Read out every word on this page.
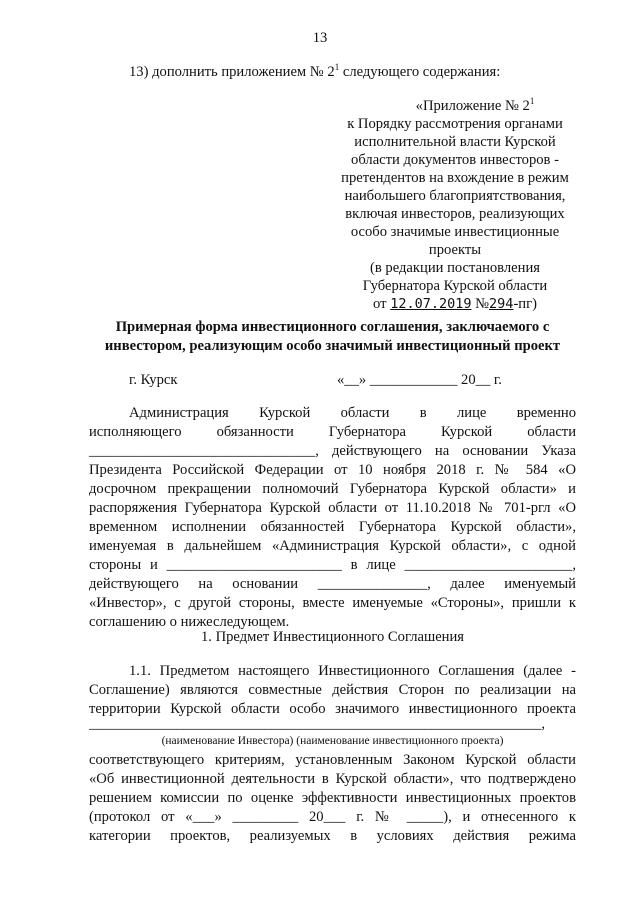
13
13) дополнить приложением № $2^1$ следующего содержания:
«Приложение № $2^1$
к Порядку рассмотрения органами
исполнительной власти Курской
области документов инвесторов -
претендентов на вхождение в режим
наибольшего благоприятствования,
включая инвесторов, реализующих
особо значимые инвестиционные
проекты
(в редакции постановления
Губернатора Курской области
от 12.07.2019 №294-пг)
Примерная форма инвестиционного соглашения, заключаемого с
инвестором, реализующим особо значимый инвестиционный проект
г. Курск	«__» ____________ 20__ г.
Администрация Курской области в лице временно
исполняющего обязанности Губернатора Курской области
_______________________________, действующего на основании Указа
Президента Российской Федерации от 10 ноября 2018 г. № 584 «О
досрочном прекращении полномочий Губернатора Курской области» и
распоряжения Губернатора Курской области от 11.10.2018 № 701-ргл «О
временном исполнении обязанностей Губернатора Курской области»,
именуемая в дальнейшем «Администрация Курской области», с одной
стороны и ________________________ в лице _______________________,
действующего на основании _______________, далее именуемый
«Инвестор», с другой стороны, вместе именуемые «Стороны», пришли к
соглашению о нижеследующем.
1. Предмет Инвестиционного Соглашения
1.1. Предметом настоящего Инвестиционного Соглашения (далее -
Соглашение) являются совместные действия Сторон по реализации на
территории Курской области особо значимого инвестиционного проекта
______________________________________________________________,
(наименование Инвестора) (наименование инвестиционного проекта)
соответствующего критериям, установленным Законом Курской области
«Об инвестиционной деятельности в Курской области», что подтверждено
решением комиссии по оценке эффективности инвестиционных проектов
(протокол от «___» _________ 20___ г. № _____), и отнесенного к
категории проектов, реализуемых в условиях действия режима
